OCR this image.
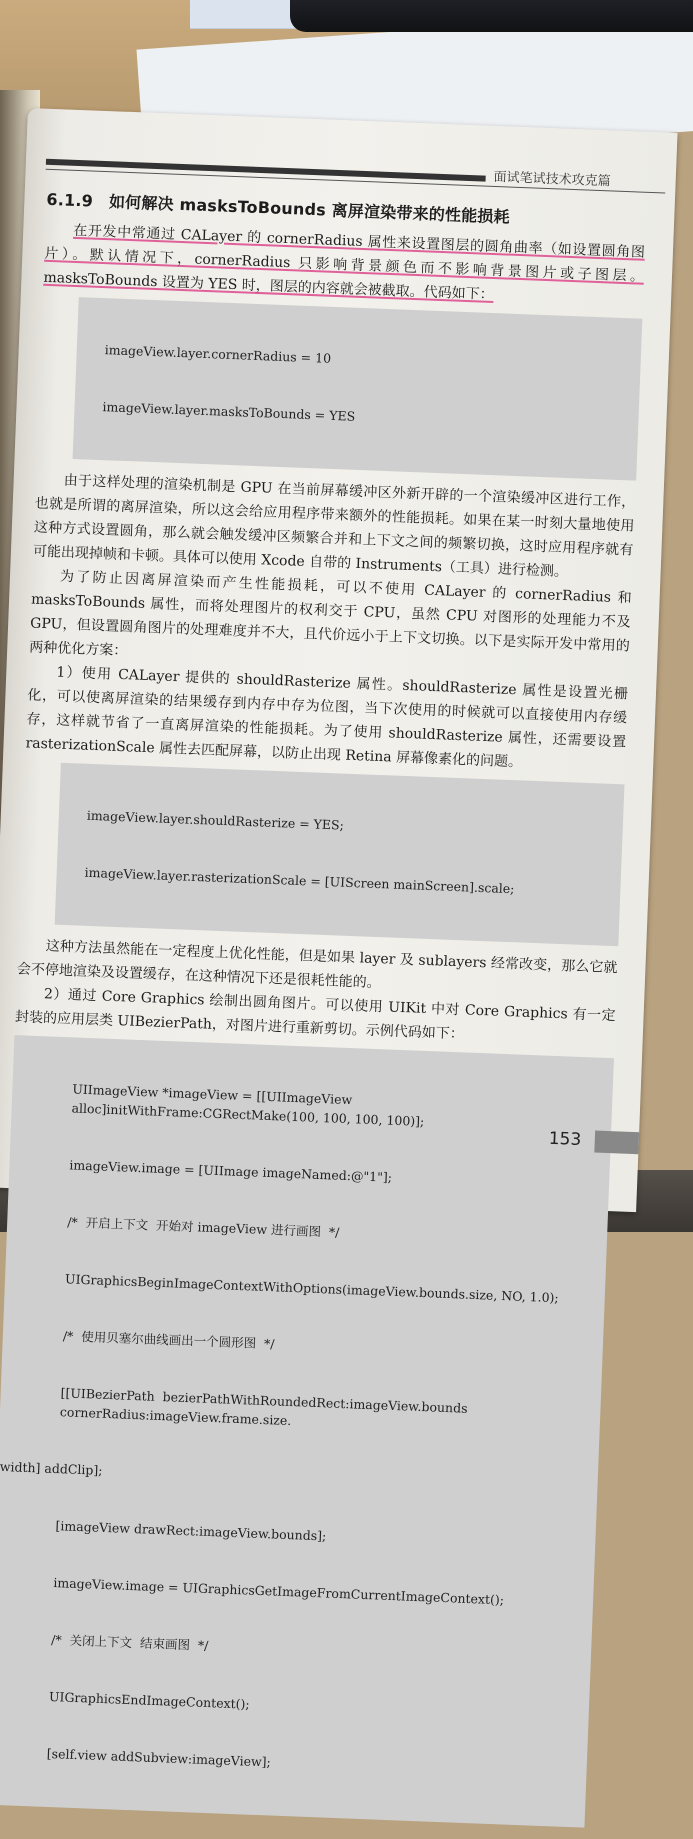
面试笔试技术攻克篇
6.1.9 如何解决 masksToBounds 离屏渲染带来的性能损耗

在开发中常通过 CALayer 的 cornerRadius 属性来设置图层的圆角曲率（如设置圆角图片）。默认情况下，cornerRadius 只影响背景颜色而不影响背景图片或子图层。masksToBounds 设置为 YES 时，图层的内容就会被截取。代码如下：

imageView.layer.cornerRadius = 10

imageView.layer.masksToBounds = YES

由于这样处理的渲染机制是 GPU 在当前屏幕缓冲区外新开辟的一个渲染缓冲区进行工作，也就是所谓的离屏渲染，所以这会给应用程序带来额外的性能损耗。如果在某一时刻大量地使用这种方式设置圆角，那么就会触发缓冲区频繁合并和上下文之间的频繁切换，这时应用程序就有可能出现掉帧和卡顿。具体可以使用 Xcode 自带的 Instruments（工具）进行检测。

为了防止因离屏渲染而产生性能损耗，可以不使用 CALayer 的 cornerRadius 和 masksToBounds 属性，而将处理图片的权利交于 CPU，虽然 CPU 对图形的处理能力不及 GPU，但设置圆角图片的处理难度并不大，且代价远小于上下文切换。以下是实际开发中常用的两种优化方案：

1）使用 CALayer 提供的 shouldRasterize 属性。shouldRasterize 属性是设置光栅化，可以使离屏渲染的结果缓存到内存中存为位图，当下次使用的时候就可以直接使用内存缓存，这样就节省了一直离屏渲染的性能损耗。为了使用 shouldRasterize 属性，还需要设置 rasterizationScale 属性去匹配屏幕，以防止出现 Retina 屏幕像素化的问题。

imageView.layer.shouldRasterize = YES;

imageView.layer.rasterizationScale = [UIScreen mainScreen].scale;

这种方法虽然能在一定程度上优化性能，但是如果 layer 及 sublayers 经常改变，那么它就会不停地渲染及设置缓存，在这种情况下还是很耗性能的。

2）通过 Core Graphics 绘制出圆角图片。可以使用 UIKit 中对 Core Graphics 有一定封装的应用层类 UIBezierPath，对图片进行重新剪切。示例代码如下：

UIImageView *imageView = [[UIImageView alloc]initWithFrame:CGRectMake(100, 100, 100, 100)];

imageView.image = [UIImage imageNamed:@"1"];

/*  开启上下文  开始对 imageView 进行画图  */

UIGraphicsBeginImageContextWithOptions(imageView.bounds.size, NO, 1.0);

/*  使用贝塞尔曲线画出一个圆形图  */

[[UIBezierPath  bezierPathWithRoundedRect:imageView.bounds      cornerRadius:imageView.frame.size.

width] addClip];

[imageView drawRect:imageView.bounds];

imageView.image = UIGraphicsGetImageFromCurrentImageContext();

/*  关闭上下文  结束画图  */

UIGraphicsEndImageContext();

[self.view addSubview:imageView];

153
